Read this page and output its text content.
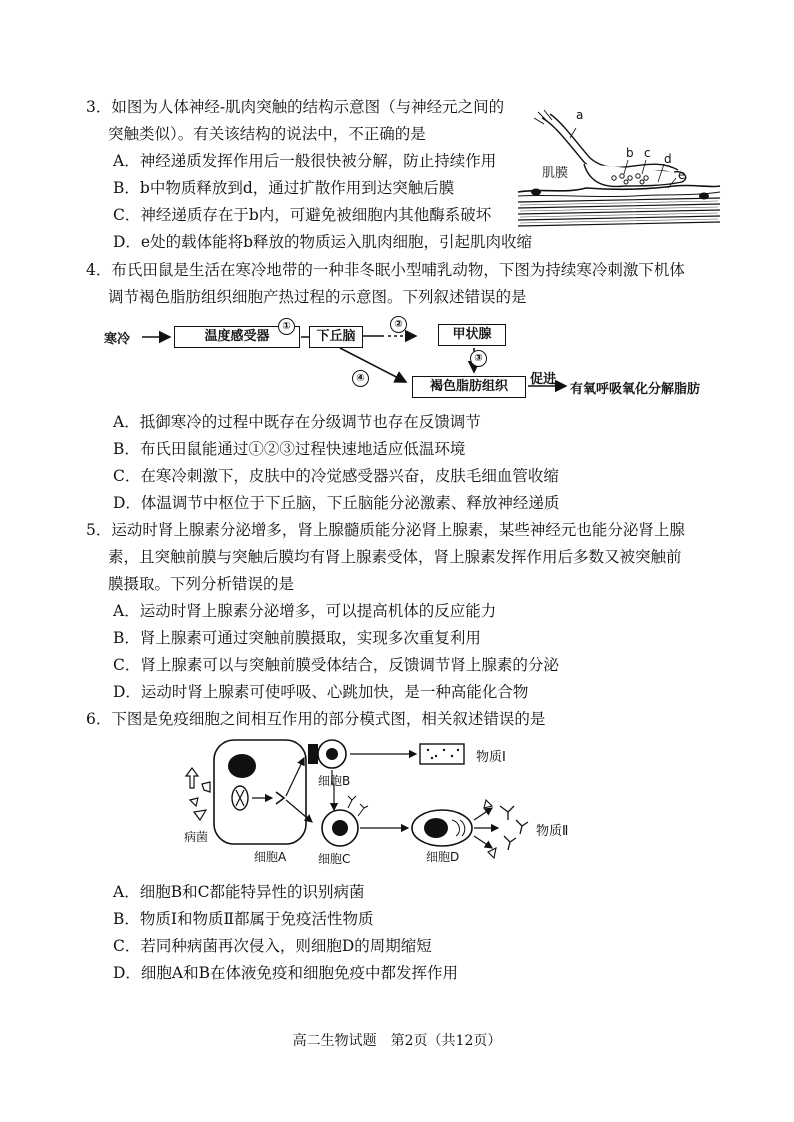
3．如图为人体神经-肌肉突触的结构示意图（与神经元之间的
突触类似）。有关该结构的说法中，不正确的是
A．神经递质发挥作用后一般很快被分解，防止持续作用
B．b中物质释放到d，通过扩散作用到达突触后膜
C．神经递质存在于b内，可避免被细胞内其他酶系破坏
D．e处的载体能将b释放的物质运入肌肉细胞，引起肌肉收缩
a
b c d
e
肌膜
4．布氏田鼠是生活在寒冷地带的一种非冬眠小型哺乳动物，下图为持续寒冷刺激下机体
调节褐色脂肪组织细胞产热过程的示意图。下列叙述错误的是
寒冷	温度感受器	下丘脑	甲状腺
褐色脂肪组织	促进
有氧呼吸氧化分解脂肪
①	②
③
④
A．抵御寒冷的过程中既存在分级调节也存在反馈调节
B．布氏田鼠能通过①②③过程快速地适应低温环境
C．在寒冷刺激下，皮肤中的冷觉感受器兴奋，皮肤毛细血管收缩
D．体温调节中枢位于下丘脑，下丘脑能分泌激素、释放神经递质
5．运动时肾上腺素分泌增多，肾上腺髓质能分泌肾上腺素，某些神经元也能分泌肾上腺
素，且突触前膜与突触后膜均有肾上腺素受体，肾上腺素发挥作用后多数又被突触前
膜摄取。下列分析错误的是
A．运动时肾上腺素分泌增多，可以提高机体的反应能力
B．肾上腺素可通过突触前膜摄取，实现多次重复利用
C．肾上腺素可以与突触前膜受体结合，反馈调节肾上腺素的分泌
D．运动时肾上腺素可使呼吸、心跳加快，是一种高能化合物
6．下图是免疫细胞之间相互作用的部分模式图，相关叙述错误的是
物质Ⅰ
物质Ⅱ
细胞B
细胞A	细胞C	细胞D
病菌
A．细胞B和C都能特异性的识别病菌
B．物质Ⅰ和物质Ⅱ都属于免疫活性物质
C．若同种病菌再次侵入，则细胞D的周期缩短
D．细胞A和B在体液免疫和细胞免疫中都发挥作用
高二生物试题　第2页（共12页）
